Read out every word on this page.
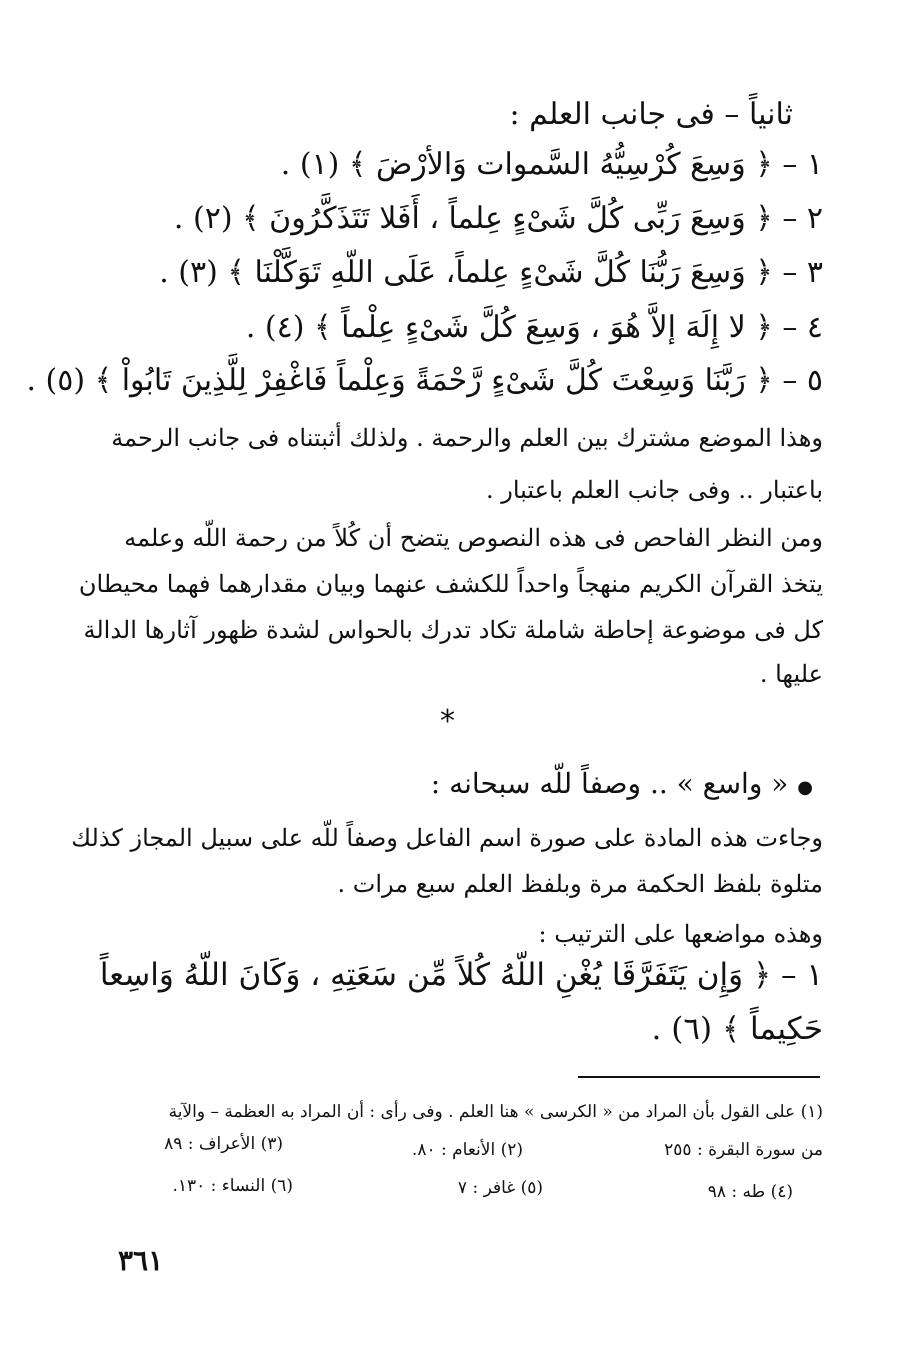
ثانياً – فى جانب العلم :
١ – ﴿ وَسِعَ كُرْسِيُّهُ السَّموات وَالأرْضَ ﴾ (١) .
٢ – ﴿ وَسِعَ رَبِّى كُلَّ شَىْءٍ عِلماً ، أَفَلا تَتَذَكَّرُونَ ﴾ (٢) .
٣ – ﴿ وَسِعَ رَبُّنَا كُلَّ شَىْءٍ عِلماً، عَلَى اللّهِ تَوَكَّلْنَا ﴾ (٣) .
٤ – ﴿ لا إِلَهَ إلاَّ هُوَ ، وَسِعَ كُلَّ شَىْءٍ عِلْماً ﴾ (٤) .
٥ – ﴿ رَبَّنَا وَسِعْتَ كُلَّ شَىْءٍ رَّحْمَةً وَعِلْماً فَاغْفِرْ لِلَّذِينَ تَابُواْ ﴾ (٥) .
وهذا الموضع مشترك بين العلم والرحمة . ولذلك أثبتناه فى جانب الرحمة
باعتبار .. وفى جانب العلم باعتبار .
ومن النظر الفاحص فى هذه النصوص يتضح أن كُلاً من رحمة اللّه وعلمه
يتخذ القرآن الكريم منهجاً واحداً للكشف عنهما وبيان مقدارهما فهما محيطان
كل فى موضوعة إحاطة شاملة تكاد تدرك بالحواس لشدة ظهور آثارها الدالة
عليها .
*
● « واسع » .. وصفاً للّه سبحانه :
وجاءت هذه المادة على صورة اسم الفاعل وصفاً للّه على سبيل المجاز كذلك
متلوة بلفظ الحكمة مرة وبلفظ العلم سبع مرات .
وهذه مواضعها على الترتيب :
١ – ﴿ وَإِن يَتَفَرَّقَا يُغْنِ اللّهُ كُلاً مِّن سَعَتِهِ ، وَكَانَ اللّهُ وَاسِعاً
حَكِيماً ﴾ (٦) .
(١) على القول بأن المراد من « الكرسى » هنا العلم . وفى رأى : أن المراد به العظمة – والآية
من سورة البقرة : ٢٥٥
(٢) الأنعام : ٨٠.
(٣) الأعراف : ٨٩
(٤) طه : ٩٨
(٥) غافر : ٧
(٦) النساء : ١٣٠.
٣٦١
